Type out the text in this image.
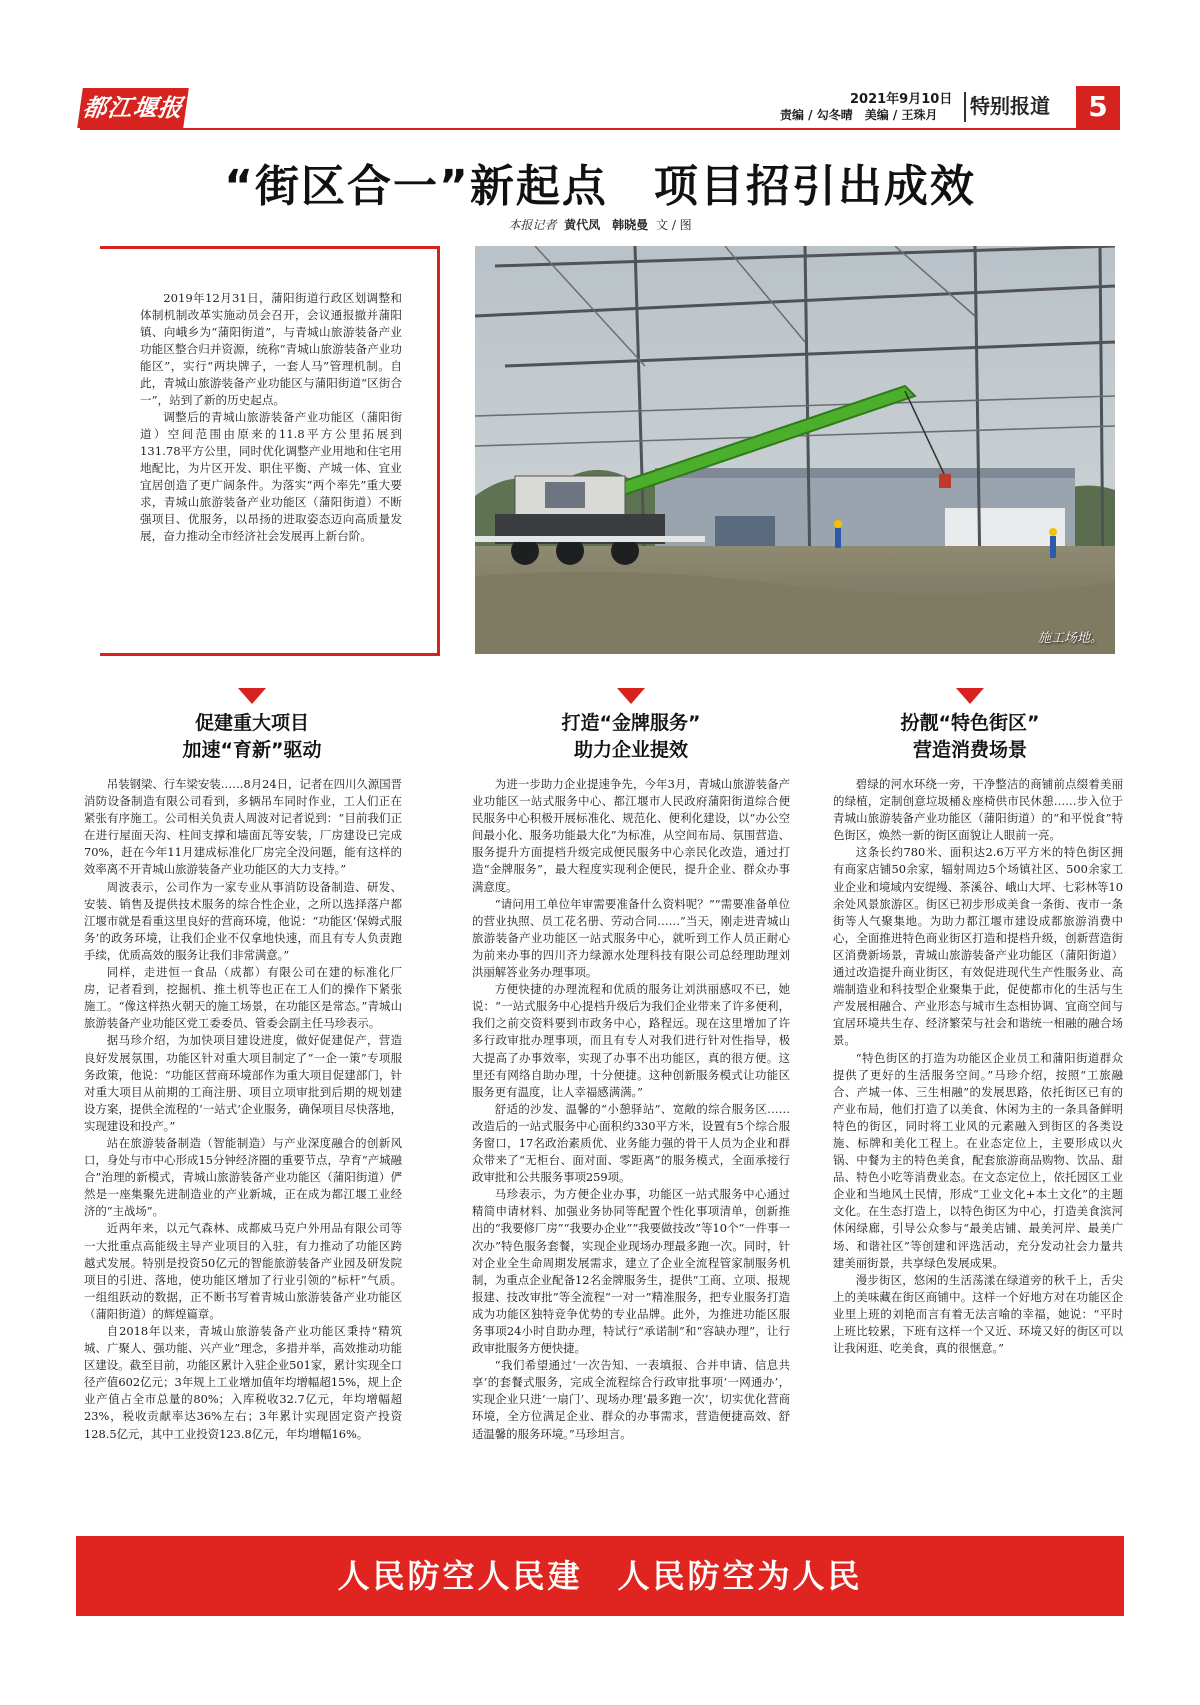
都江堰报	2021年9月10日
责编 / 勾冬晴　美编 / 王珠月	特别报道	5
“街区合一”新起点　项目招引出成效
本报记者 黄代凤　韩晓曼 文 / 图

2019年12月31日，蒲阳街道行政区划调整和体制机制改革实施动员会召开，会议通报撤并蒲阳镇、向峨乡为“蒲阳街道”，与青城山旅游装备产业功能区整合归并资源，统称“青城山旅游装备产业功能区”，实行“两块牌子，一套人马”管理机制。自此，青城山旅游装备产业功能区与蒲阳街道“区街合一”，站到了新的历史起点。

调整后的青城山旅游装备产业功能区（蒲阳街道）空间范围由原来的11.8平方公里拓展到131.78平方公里，同时优化调整产业用地和住宅用地配比，为片区开发、职住平衡、产城一体、宜业宜居创造了更广阔条件。为落实“两个率先”重大要求，青城山旅游装备产业功能区（蒲阳街道）不断强项目、优服务，以昂扬的进取姿态迈向高质量发展，奋力推动全市经济社会发展再上新台阶。

施工场地。
促建重大项目
加速“育新”驱动
打造“金牌服务”
助力企业提效
扮靓“特色街区”
营造消费场景

吊装钢梁、行车梁安装……8月24日，记者在四川久源国晋消防设备制造有限公司看到，多辆吊车同时作业，工人们正在紧张有序施工。公司相关负责人周波对记者说到：“目前我们正在进行屋面天沟、柱间支撑和墙面瓦等安装，厂房建设已完成70%，赶在今年11月建成标准化厂房完全没问题，能有这样的效率离不开青城山旅游装备产业功能区的大力支持。”

周波表示，公司作为一家专业从事消防设备制造、研发、安装、销售及提供技术服务的综合性企业，之所以选择落户都江堰市就是看重这里良好的营商环境，他说：“功能区‘保姆式服务’的政务环境，让我们企业不仅拿地快速，而且有专人负责跑手续，优质高效的服务让我们非常满意。”

同样，走进恒一食品（成都）有限公司在建的标准化厂房，记者看到，挖掘机、推土机等也正在工人们的操作下紧张施工。“像这样热火朝天的施工场景，在功能区是常态。”青城山旅游装备产业功能区党工委委员、管委会副主任马珍表示。

据马珍介绍，为加快项目建设进度，做好促建促产，营造良好发展氛围，功能区针对重大项目制定了“一企一策”专项服务政策，他说：“功能区营商环境部作为重大项目促建部门，针对重大项目从前期的工商注册、项目立项审批到后期的规划建设方案，提供全流程的‘一站式’企业服务，确保项目尽快落地，实现建设和投产。”

站在旅游装备制造（智能制造）与产业深度融合的创新风口，身处与市中心形成15分钟经济圈的重要节点，孕育“产城融合”治理的新模式，青城山旅游装备产业功能区（蒲阳街道）俨然是一座集聚先进制造业的产业新城，正在成为都江堰工业经济的“主战场”。

近两年来，以元气森林、成都威马克户外用品有限公司等一大批重点高能级主导产业项目的入驻，有力推动了功能区跨越式发展。特别是投资50亿元的智能旅游装备产业园及研发院项目的引进、落地，使功能区增加了行业引领的“标杆”气质。一组组跃动的数据，正不断书写着青城山旅游装备产业功能区（蒲阳街道）的辉煌篇章。

自2018年以来，青城山旅游装备产业功能区秉持“精筑城、广聚人、强功能、兴产业”理念，多措并举，高效推动功能区建设。截至目前，功能区累计入驻企业501家，累计实现全口径产值602亿元；3年规上工业增加值年均增幅超15%，规上企业产值占全市总量的80%；入库税收32.7亿元，年均增幅超23%，税收贡献率达36%左右；3年累计实现固定资产投资128.5亿元，其中工业投资123.8亿元，年均增幅16%。

为进一步助力企业提速争先，今年3月，青城山旅游装备产业功能区一站式服务中心、都江堰市人民政府蒲阳街道综合便民服务中心积极开展标准化、规范化、便利化建设，以“办公空间最小化、服务功能最大化”为标准，从空间布局、氛围营造、服务提升方面提档升级完成便民服务中心亲民化改造，通过打造“金牌服务”，最大程度实现利企便民，提升企业、群众办事满意度。

“请问用工单位年审需要准备什么资料呢？”“需要准备单位的营业执照、员工花名册、劳动合同……”当天，刚走进青城山旅游装备产业功能区一站式服务中心，就听到工作人员正耐心为前来办事的四川齐力绿源水处理科技有限公司总经理助理刘洪丽解答业务办理事项。

方便快捷的办理流程和优质的服务让刘洪丽感叹不已，她说：“一站式服务中心提档升级后为我们企业带来了许多便利，我们之前交资料要到市政务中心，路程远。现在这里增加了许多行政审批办理事项，而且有专人对我们进行针对性指导，极大提高了办事效率，实现了办事不出功能区，真的很方便。这里还有网络自助办理，十分便捷。这种创新服务模式让功能区服务更有温度，让人幸福感满满。”

舒适的沙发、温馨的“小憩驿站”、宽敞的综合服务区……改造后的一站式服务中心面积约330平方米，设置有5个综合服务窗口，17名政治素质优、业务能力强的骨干人员为企业和群众带来了“无柜台、面对面、零距离”的服务模式，全面承接行政审批和公共服务事项259项。

马珍表示，为方便企业办事，功能区一站式服务中心通过精简申请材料、加强业务协同等配置个性化事项清单，创新推出的“我要修厂房”“我要办企业”“我要做技改”等10个“一件事一次办”特色服务套餐，实现企业现场办理最多跑一次。同时，针对企业全生命周期发展需求，建立了企业全流程管家制服务机制，为重点企业配备12名金牌服务生，提供“工商、立项、报规报建、技改审批”等全流程“一对一”精准服务，把专业服务打造成为功能区独特竞争优势的专业品牌。此外，为推进功能区服务事项24小时自助办理，特试行“承诺制”和“容缺办理”，让行政审批服务方便快捷。

“我们希望通过‘一次告知、一表填报、合并申请、信息共享’的套餐式服务，完成全流程综合行政审批事项‘一网通办’，实现企业只进‘一扇门’、现场办理‘最多跑一次’，切实优化营商环境，全方位满足企业、群众的办事需求，营造便捷高效、舒适温馨的服务环境。”马珍坦言。

碧绿的河水环绕一旁，干净整洁的商铺前点缀着美丽的绿植，定制创意垃圾桶＆座椅供市民休憩……步入位于青城山旅游装备产业功能区（蒲阳街道）的“和平悦食”特色街区，焕然一新的街区面貌让人眼前一亮。

这条长约780米、面积达2.6万平方米的特色街区拥有商家店铺50余家，辐射周边5个场镇社区、500余家工业企业和境域内安缇缦、茶溪谷、峨山大坪、七彩林等10余处风景旅游区。街区已初步形成美食一条街、夜市一条街等人气聚集地。为助力都江堰市建设成都旅游消费中心，全面推进特色商业街区打造和提档升级，创新营造街区消费新场景，青城山旅游装备产业功能区（蒲阳街道）通过改造提升商业街区，有效促进现代生产性服务业、高端制造业和科技型企业聚集于此，促使都市化的生活与生产发展相融合、产业形态与城市生态相协调、宜商空间与宜居环境共生存、经济繁荣与社会和谐统一相融的融合场景。

“特色街区的打造为功能区企业员工和蒲阳街道群众提供了更好的生活服务空间。”马珍介绍，按照“工旅融合、产城一体、三生相融”的发展思路，依托街区已有的产业布局，他们打造了以美食、休闲为主的一条具备鲜明特色的街区，同时将工业风的元素融入到街区的各类设施、标牌和美化工程上。在业态定位上，主要形成以火锅、中餐为主的特色美食，配套旅游商品购物、饮品、甜品、特色小吃等消费业态。在文态定位上，依托园区工业企业和当地风土民情，形成“工业文化+本土文化”的主题文化。在生态打造上，以特色街区为中心，打造美食滨河休闲绿廊，引导公众参与“最美店铺、最美河岸、最美广场、和谐社区”等创建和评选活动，充分发动社会力量共建美丽街景，共享绿色发展成果。

漫步街区，悠闲的生活荡漾在绿道旁的秋千上，舌尖上的美味藏在街区商铺中。这样一个好地方对在功能区企业里上班的刘艳而言有着无法言喻的幸福，她说：“平时上班比较累，下班有这样一个又近、环境又好的街区可以让我闲逛、吃美食，真的很惬意。”

人民防空人民建　人民防空为人民
